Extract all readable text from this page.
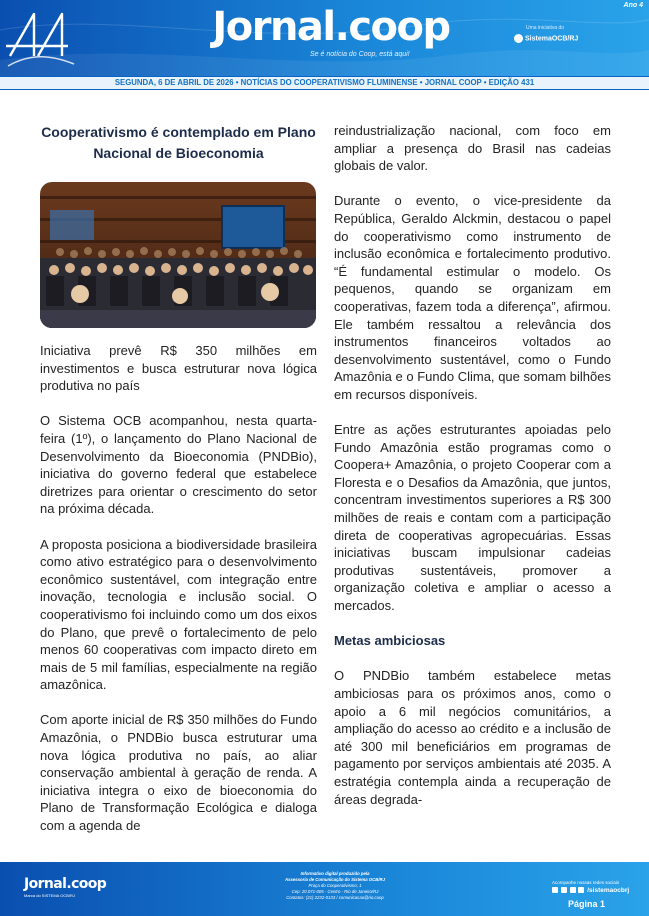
Jornal.coop
Se é notícia do Coop, está aqui!
Ano 4
Uma iniciativa do
SistemaOCB/RJ
SEGUNDA, 6 DE ABRIL DE 2026 • NOTÍCIAS DO COOPERATIVISMO FLUMINENSE • JORNAL COOP • EDIÇÃO 431
Cooperativismo é contemplado em Plano Nacional de Bioeconomia

Iniciativa prevê R$ 350 milhões em investimentos e busca estruturar nova lógica produtiva no país

O Sistema OCB acompanhou, nesta quarta-feira (1º), o lançamento do Plano Nacional de Desenvolvimento da Bioeconomia (PNDBio), iniciativa do governo federal que estabelece diretrizes para orientar o crescimento do setor na próxima década.

A proposta posiciona a biodiversidade brasileira como ativo estratégico para o desenvolvimento econômico sustentável, com integração entre inovação, tecnologia e inclusão social. O cooperativismo foi incluindo como um dos eixos do Plano, que prevê o fortalecimento de pelo menos 60 cooperativas com impacto direto em mais de 5 mil famílias, especialmente na região amazônica.

Com aporte inicial de R$ 350 milhões do Fundo Amazônia, o PNDBio busca estruturar uma nova lógica produtiva no país, ao aliar conservação ambiental à geração de renda. A iniciativa integra o eixo de bioeconomia do Plano de Transformação Ecológica e dialoga com a agenda de

reindustrialização nacional, com foco em ampliar a presença do Brasil nas cadeias globais de valor.

Durante o evento, o vice-presidente da República, Geraldo Alckmin, destacou o papel do cooperativismo como instrumento de inclusão econômica e fortalecimento produtivo. “É fundamental estimular o modelo. Os pequenos, quando se organizam em cooperativas, fazem toda a diferença”, afirmou. Ele também ressaltou a relevância dos instrumentos financeiros voltados ao desenvolvimento sustentável, como o Fundo Amazônia e o Fundo Clima, que somam bilhões em recursos disponíveis.

Entre as ações estruturantes apoiadas pelo Fundo Amazônia estão programas como o Coopera+ Amazônia, o projeto Cooperar com a Floresta e o Desafios da Amazônia, que juntos, concentram investimentos superiores a R$ 300 milhões de reais e contam com a participação direta de cooperativas agropecuárias. Essas iniciativas buscam impulsionar cadeias produtivas sustentáveis, promover a organização coletiva e ampliar o acesso a mercados.

Metas ambiciosas

O PNDBio também estabelece metas ambiciosas para os próximos anos, como o apoio a 6 mil negócios comunitários, a ampliação do acesso ao crédito e a inclusão de até 300 mil beneficiários em programas de pagamento por serviços ambientais até 2035. A estratégia contempla ainda a recuperação de áreas degrada-

Jornal.coop
Marca do SISTEMA OCB/RJ
Informativo digital produzido pela
Assessoria de Comunicação do Sistema OCB/RJ
Praça do Cooperativismo, 1
Cep: 20.071-005 - Centro - Rio de Janeiro/RJ
Contatos: (21) 2232-0133 / comunicacao@rio.coop
Acompanhe nossas redes sociais
/sistemaocbrj
Página 1
